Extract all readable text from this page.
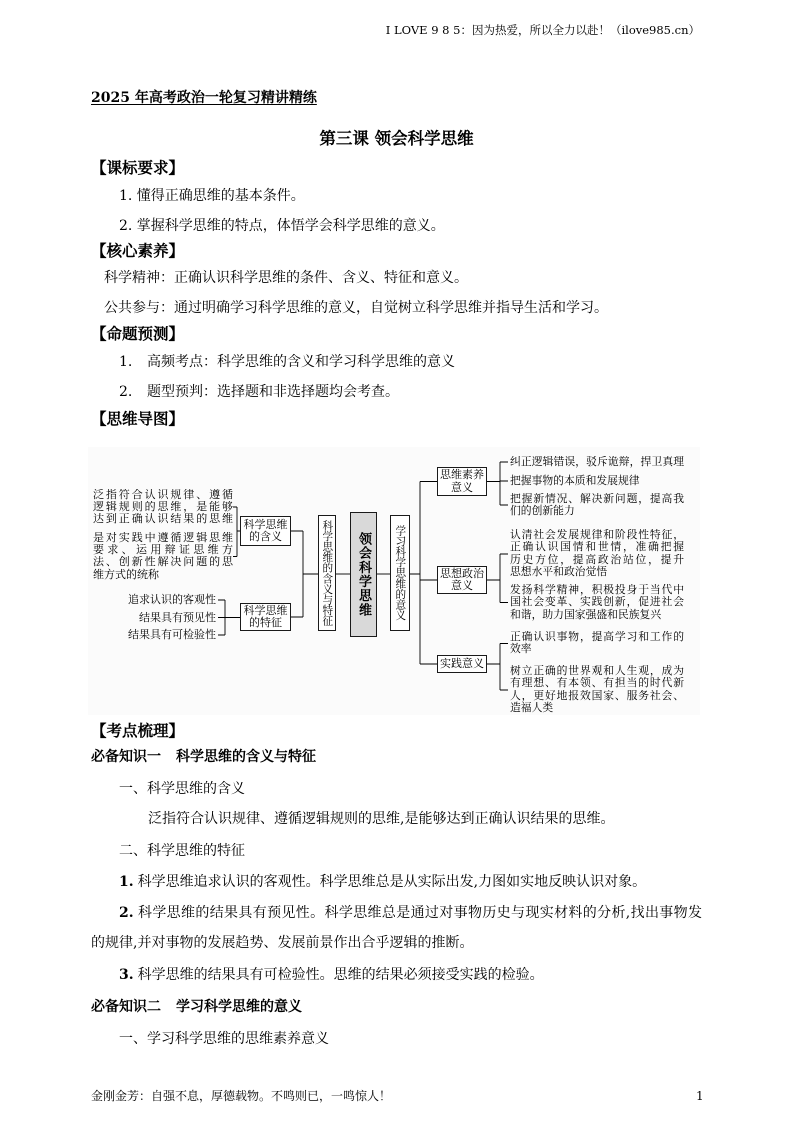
I LOVE 9 8 5：因为热爱，所以全力以赴！（ilove985.cn）
2025 年高考政治一轮复习精讲精练
第三课 领会科学思维
【课标要求】
1. 懂得正确思维的基本条件。
2. 掌握科学思维的特点，体悟学会科学思维的意义。
【核心素养】
科学精神：正确认识科学思维的条件、含义、特征和意义。
公共参与：通过明确学习科学思维的意义，自觉树立科学思维并指导生活和学习。
【命题预测】
1. 高频考点：科学思维的含义和学习科学思维的意义
2. 题型预判：选择题和非选择题均会考查。
【思维导图】
泛指符合认识规律、遵循
逻辑规则的思维，是能够
达到正确认识结果的思维
是对实践中遵循逻辑思维
要求、运用辩证思维方
法、创新性解决问题的思
维方式的统称
科学思维
的含义
追求认识的客观性
结果具有预见性
结果具有可检验性
科学思维
的特征	科学思维的含义与特征 领会科学思维 学习科学思维的意义
思维素养
意义
思想政治
意义
实践意义
纠正逻辑错误，驳斥诡辩，捍卫真理
把握事物的本质和发展规律
把握新情况、解决新问题，提高我
们的创新能力
认清社会发展规律和阶段性特征，
正确认识国情和世情，准确把握
历史方位，提高政治站位，提升
思想水平和政治觉悟
发扬科学精神，积极投身于当代中
国社会变革、实践创新，促进社会
和谐，助力国家强盛和民族复兴
正确认识事物，提高学习和工作的
效率
树立正确的世界观和人生观，成为
有理想、有本领、有担当的时代新
人，更好地报效国家、服务社会、
造福人类
【考点梳理】
必备知识一 科学思维的含义与特征
一、科学思维的含义
泛指符合认识规律、遵循逻辑规则的思维,是能够达到正确认识结果的思维。
二、科学思维的特征
1. 科学思维追求认识的客观性。科学思维总是从实际出发,力图如实地反映认识对象。
2. 科学思维的结果具有预见性。科学思维总是通过对事物历史与现实材料的分析,找出事物发
的规律,并对事物的发展趋势、发展前景作出合乎逻辑的推断。
3. 科学思维的结果具有可检验性。思维的结果必须接受实践的检验。
必备知识二 学习科学思维的意义
一、学习科学思维的思维素养意义
金刚金芳：自强不息，厚德载物。不鸣则已，一鸣惊人！	1
